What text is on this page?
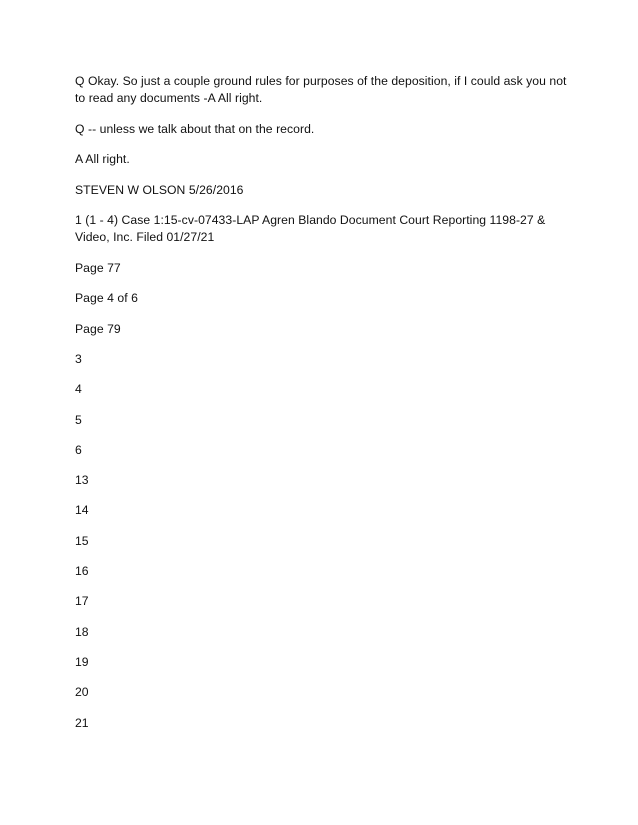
Q Okay. So just a couple ground rules for purposes of the deposition, if I could ask you not to read any documents -A All right.

Q -- unless we talk about that on the record.

A All right.

STEVEN W OLSON 5/26/2016

1 (1 - 4) Case 1:15-cv-07433-LAP Agren Blando Document Court Reporting 1198-27 & Video, Inc. Filed 01/27/21

Page 77

Page 4 of 6

Page 79

3
4
5
6
13
14
15
16
17
18
19
20
21
